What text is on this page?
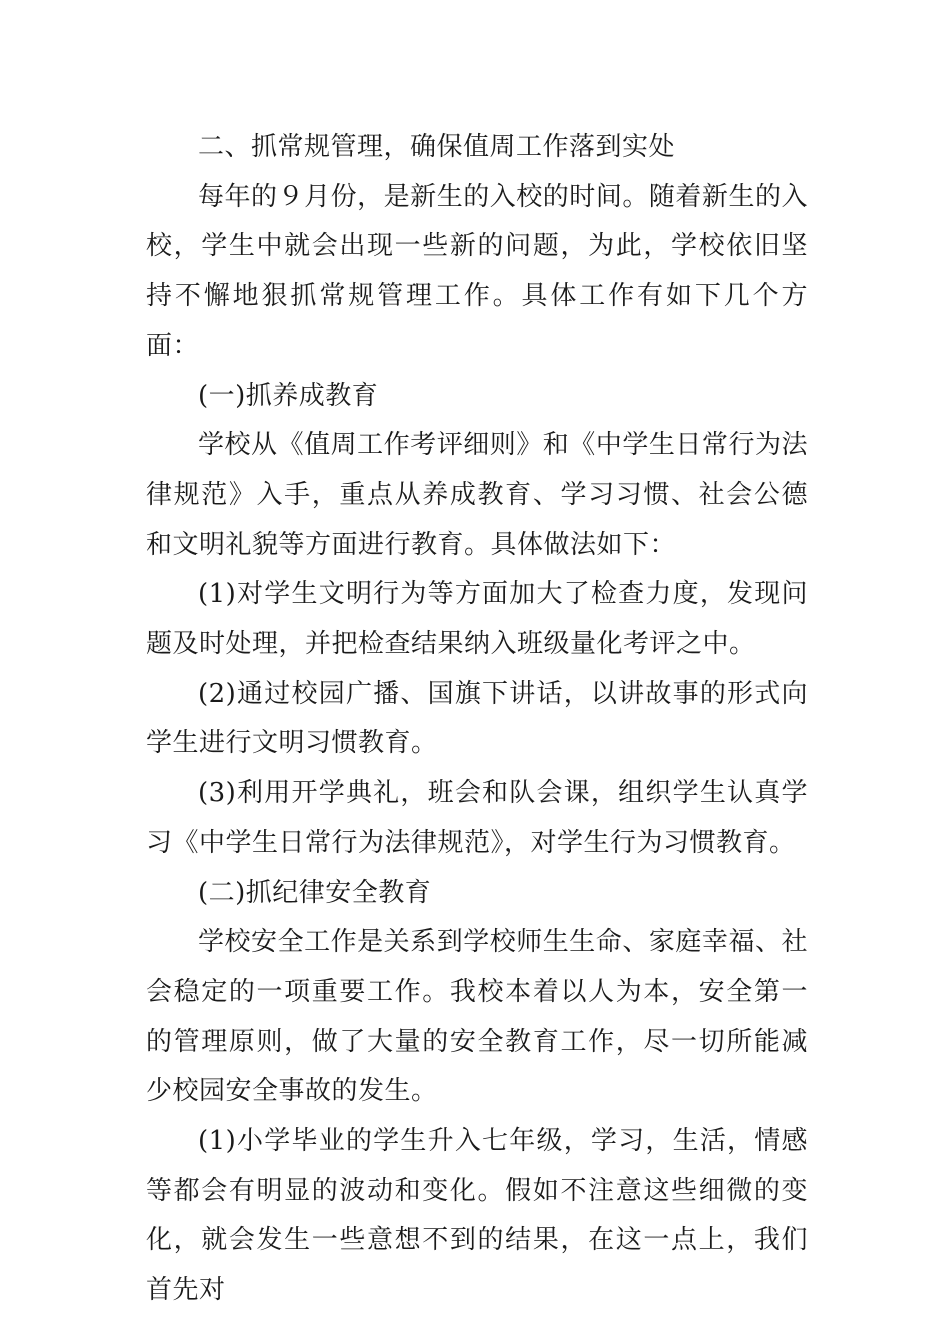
二、抓常规管理，确保值周工作落到实处

每年的９月份，是新生的入校的时间。随着新生的入校，学生中就会出现一些新的问题，为此，学校依旧坚持不懈地狠抓常规管理工作。具体工作有如下几个方面：

(一)抓养成教育

学校从《值周工作考评细则》和《中学生日常行为法律规范》入手，重点从养成教育、学习习惯、社会公德和文明礼貌等方面进行教育。具体做法如下：

(1)对学生文明行为等方面加大了检查力度，发现问题及时处理，并把检查结果纳入班级量化考评之中。

(2)通过校园广播、国旗下讲话，以讲故事的形式向学生进行文明习惯教育。

(3)利用开学典礼，班会和队会课，组织学生认真学习《中学生日常行为法律规范》，对学生行为习惯教育。

(二)抓纪律安全教育

学校安全工作是关系到学校师生生命、家庭幸福、社会稳定的一项重要工作。我校本着以人为本，安全第一的管理原则，做了大量的安全教育工作，尽一切所能减少校园安全事故的发生。

(1)小学毕业的学生升入七年级，学习，生活，情感等都会有明显的波动和变化。假如不注意这些细微的变化，就会发生一些意想不到的结果，在这一点上，我们首先对
